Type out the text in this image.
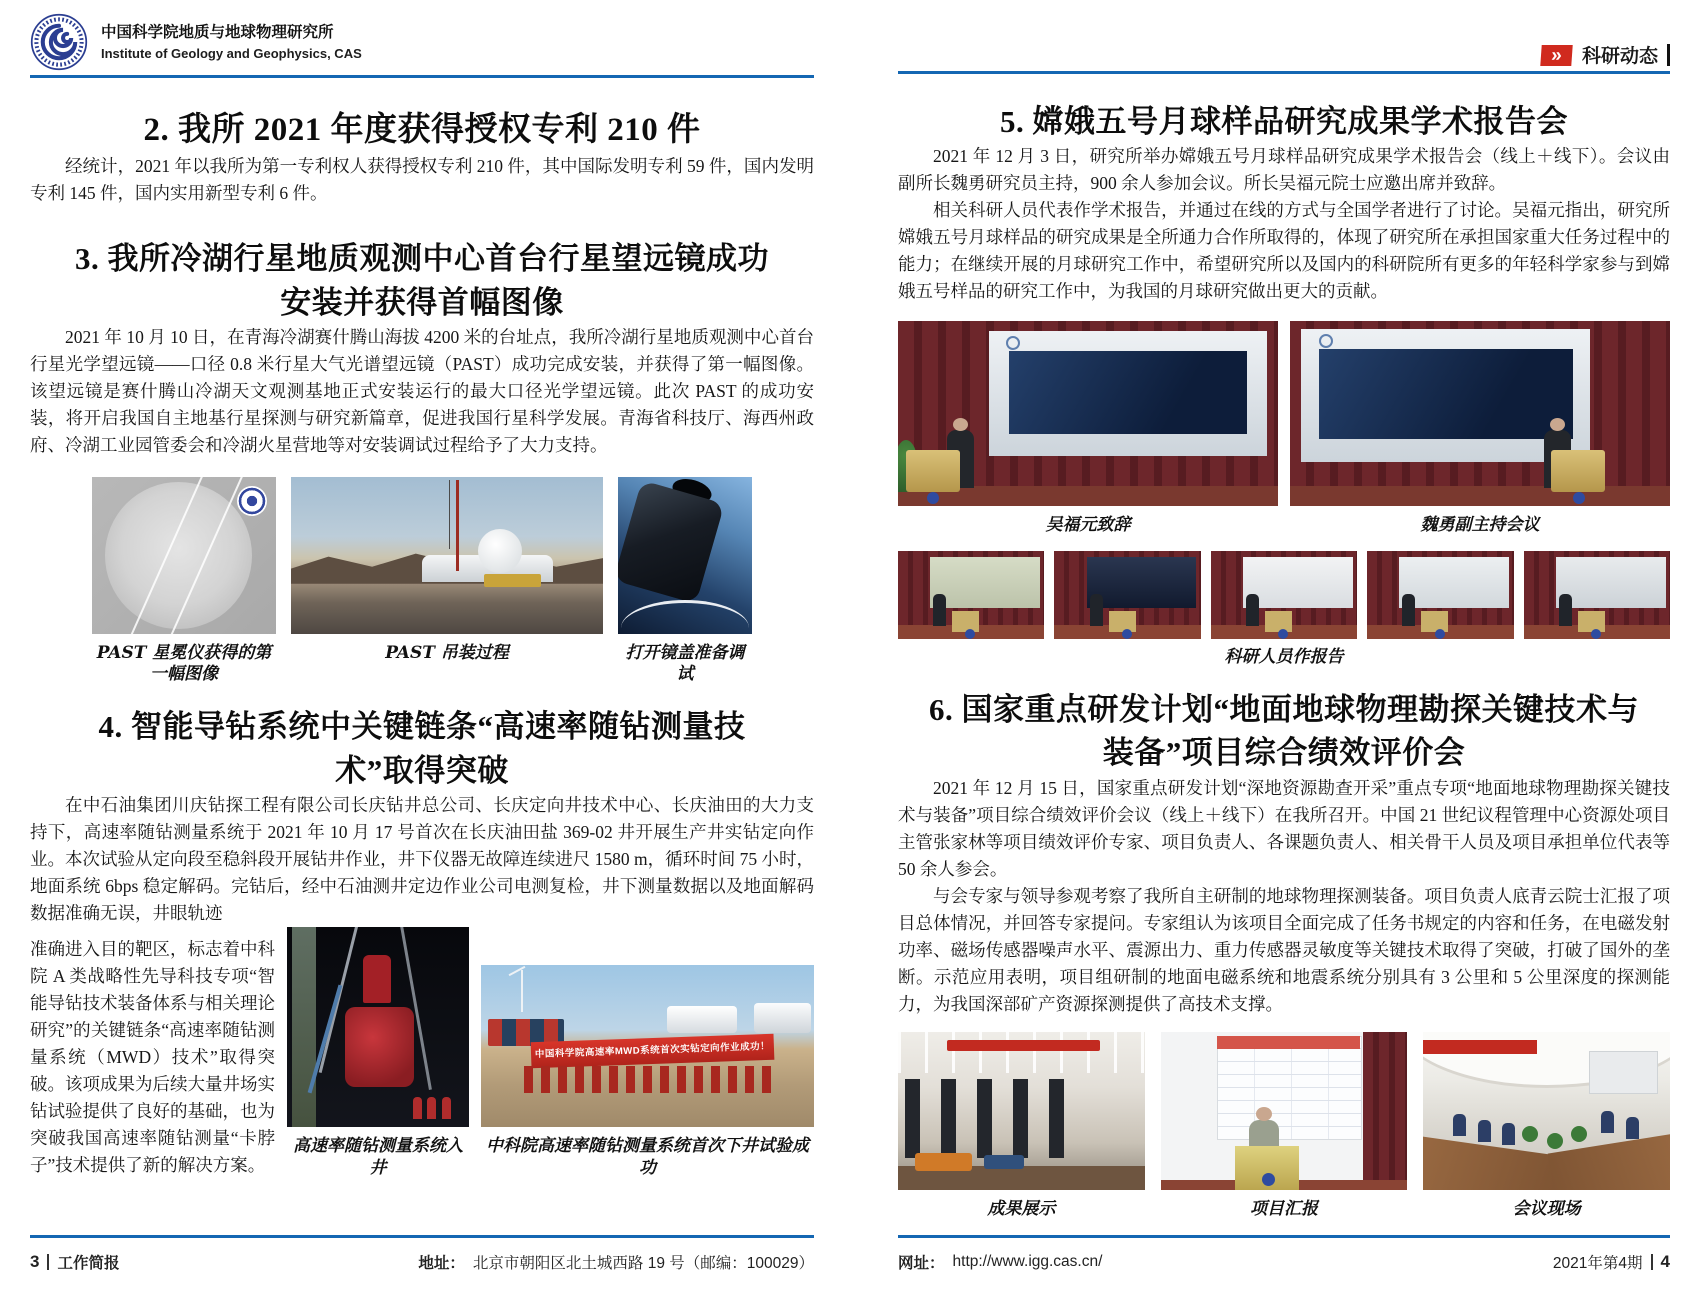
中国科学院地质与地球物理研究所
Institute of Geology and Geophysics, CAS
2. 我所 2021 年度获得授权专利 210 件

经统计，2021 年以我所为第一专利权人获得授权专利 210 件，其中国际发明专利 59 件，国内发明专利 145 件，国内实用新型专利 6 件。

3. 我所冷湖行星地质观测中心首台行星望远镜成功安装并获得首幅图像

2021 年 10 月 10 日，在青海冷湖赛什腾山海拔 4200 米的台址点，我所冷湖行星地质观测中心首台行星光学望远镜——口径 0.8 米行星大气光谱望远镜（PAST）成功完成安装，并获得了第一幅图像。该望远镜是赛什腾山冷湖天文观测基地正式安装运行的最大口径光学望远镜。此次 PAST 的成功安装，将开启我国自主地基行星探测与研究新篇章，促进我国行星科学发展。青海省科技厅、海西州政府、冷湖工业园管委会和冷湖火星营地等对安装调试过程给予了大力支持。

PAST 星冕仪获得的第一幅图像
PAST 吊装过程	打开镜盖准备调试
4. 智能导钻系统中关键链条“高速率随钻测量技术”取得突破

在中石油集团川庆钻探工程有限公司长庆钻井总公司、长庆定向井技术中心、长庆油田的大力支持下，高速率随钻测量系统于 2021 年 10 月 17 号首次在长庆油田盐 369-02 井开展生产井实钻定向作业。本次试验从定向段至稳斜段开展钻井作业，井下仪器无故障连续进尺 1580 m，循环时间 75 小时，地面系统 6bps 稳定解码。完钻后，经中石油测井定边作业公司电测复检，井下测量数据以及地面解码数据准确无误，井眼轨迹

准确进入目的靶区，标志着中科院 A 类战略性先导科技专项“智能导钻技术装备体系与相关理论研究”的关键链条“高速率随钻测量系统（MWD）技术”取得突破。该项成果为后续大量井场实钻试验提供了良好的基础，也为突破我国高速率随钻测量“卡脖子”技术提供了新的解决方案。

高速率随钻测量系统入井
中国科学院高速率MWD系统首次实钻定向作业成功！
中科院高速率随钻测量系统首次下井试验成功
3 工作简报	地址： 北京市朝阳区北土城西路 19 号（邮编：100029）
»	科研动态
5. 嫦娥五号月球样品研究成果学术报告会

2021 年 12 月 3 日，研究所举办嫦娥五号月球样品研究成果学术报告会（线上＋线下）。会议由副所长魏勇研究员主持，900 余人参加会议。所长吴福元院士应邀出席并致辞。

相关科研人员代表作学术报告，并通过在线的方式与全国学者进行了讨论。吴福元指出，研究所嫦娥五号月球样品的研究成果是全所通力合作所取得的，体现了研究所在承担国家重大任务过程中的能力；在继续开展的月球研究工作中，希望研究所以及国内的科研院所有更多的年轻科学家参与到嫦娥五号样品的研究工作中，为我国的月球研究做出更大的贡献。

吴福元致辞	魏勇副主持会议
科研人员作报告
6. 国家重点研发计划“地面地球物理勘探关键技术与装备”项目综合绩效评价会

2021 年 12 月 15 日，国家重点研发计划“深地资源勘查开采”重点专项“地面地球物理勘探关键技术与装备”项目综合绩效评价会议（线上＋线下）在我所召开。中国 21 世纪议程管理中心资源处项目主管张家林等项目绩效评价专家、项目负责人、各课题负责人、相关骨干人员及项目承担单位代表等 50 余人参会。

与会专家与领导参观考察了我所自主研制的地球物理探测装备。项目负责人底青云院士汇报了项目总体情况，并回答专家提问。专家组认为该项目全面完成了任务书规定的内容和任务，在电磁发射功率、磁场传感器噪声水平、震源出力、重力传感器灵敏度等关键技术取得了突破，打破了国外的垄断。示范应用表明，项目组研制的地面电磁系统和地震系统分别具有 3 公里和 5 公里深度的探测能力，为我国深部矿产资源探测提供了高技术支撑。

成果展示	项目汇报	会议现场
网址： http://www.igg.cas.cn/	2021年第4期 4
